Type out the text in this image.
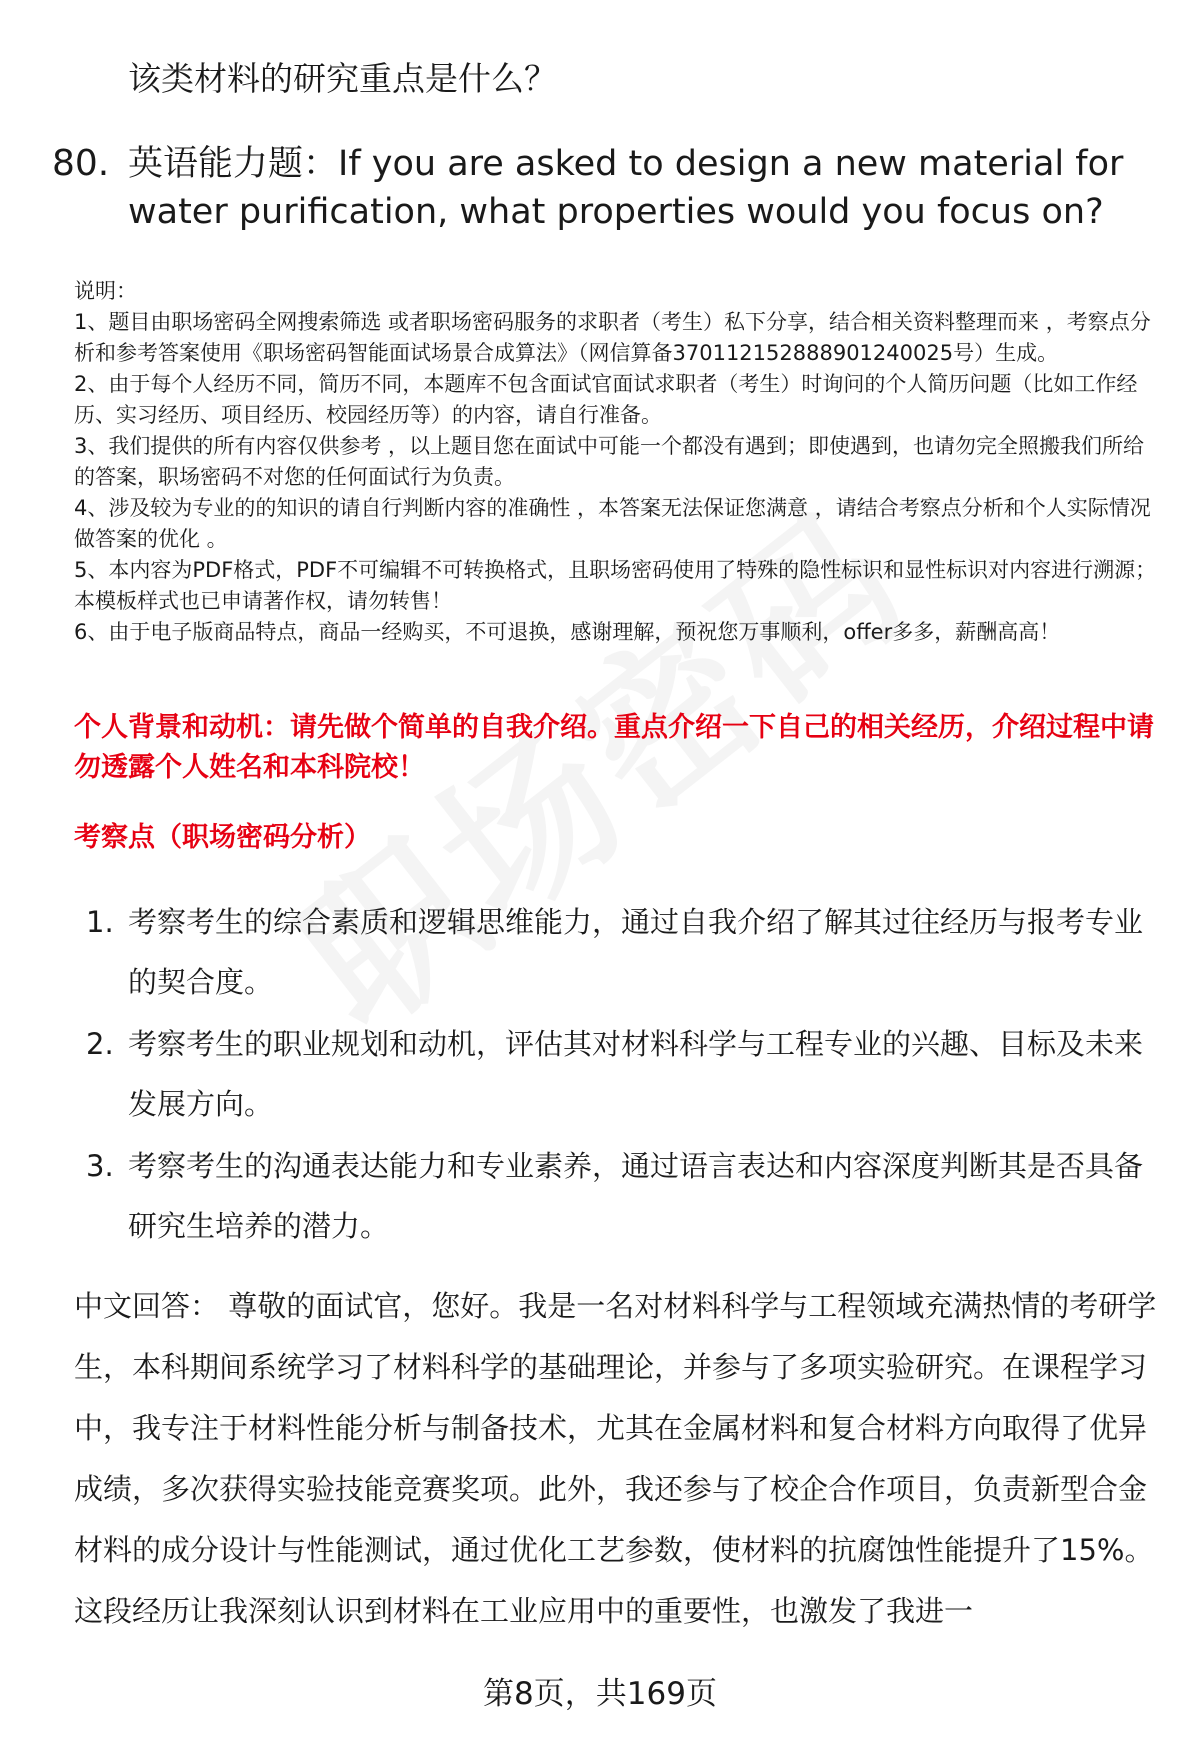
该类材料的研究重点是什么？
80. 英语能力题：If you are asked to design a new material for water purification, what properties would you focus on?

说明：

1、题目由职场密码全网搜索筛选 或者职场密码服务的求职者（考生）私下分享，结合相关资料整理而来 ，考察点分析和参考答案使用《职场密码智能面试场景合成算法》（网信算备370112152888901240025号）生成。

2、由于每个人经历不同，简历不同，本题库不包含面试官面试求职者（考生）时询问的个人简历问题（比如工作经历、实习经历、项目经历、校园经历等）的内容，请自行准备。

3、我们提供的所有内容仅供参考 ，以上题目您在面试中可能一个都没有遇到；即使遇到，也请勿完全照搬我们所给的答案，职场密码不对您的任何面试行为负责。

4、涉及较为专业的的知识的请自行判断内容的准确性 ，本答案无法保证您满意 ，请结合考察点分析和个人实际情况做答案的优化 。

5、本内容为PDF格式，PDF不可编辑不可转换格式，且职场密码使用了特殊的隐性标识和显性标识对内容进行溯源；本模板样式也已申请著作权，请勿转售！

6、由于电子版商品特点，商品一经购买，不可退换，感谢理解，预祝您万事顺利，offer多多，薪酬高高！

个人背景和动机：请先做个简单的自我介绍。重点介绍一下自己的相关经历，介绍过程中请勿透露个人姓名和本科院校！
考察点（职场密码分析）
1. 考察考生的综合素质和逻辑思维能力，通过自我介绍了解其过往经历与报考专业的契合度。
2. 考察考生的职业规划和动机，评估其对材料科学与工程专业的兴趣、目标及未来发展方向。
3. 考察考生的沟通表达能力和专业素养，通过语言表达和内容深度判断其是否具备研究生培养的潜力。
中文回答： 尊敬的面试官，您好。我是一名对材料科学与工程领域充满热情的考研学生，本科期间系统学习了材料科学的基础理论，并参与了多项实验研究。在课程学习中，我专注于材料性能分析与制备技术，尤其在金属材料和复合材料方向取得了优异成绩，多次获得实验技能竞赛奖项。此外，我还参与了校企合作项目，负责新型合金材料的成分设计与性能测试，通过优化工艺参数，使材料的抗腐蚀性能提升了15%。这段经历让我深刻认识到材料在工业应用中的重要性，也激发了我进一
第8页，共169页
